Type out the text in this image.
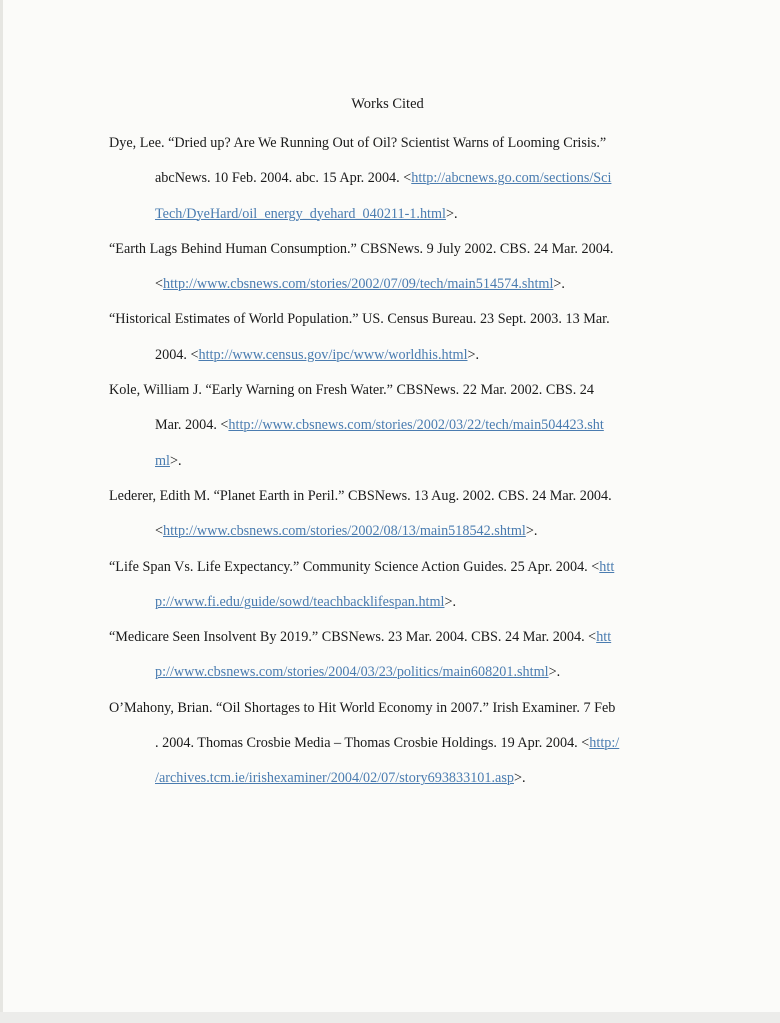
Works Cited
Dye, Lee. “Dried up? Are We Running Out of Oil? Scientist Warns of Looming Crisis.”
abcNews. 10 Feb. 2004. abc. 15 Apr. 2004. <http://abcnews.go.com/sections/Sci
Tech/DyeHard/oil_energy_dyehard_040211-1.html>.
“Earth Lags Behind Human Consumption.” CBSNews. 9 July 2002. CBS. 24 Mar. 2004.
<http://www.cbsnews.com/stories/2002/07/09/tech/main514574.shtml>.
“Historical Estimates of World Population.” US. Census Bureau. 23 Sept. 2003. 13 Mar.
2004. <http://www.census.gov/ipc/www/worldhis.html>.
Kole, William J. “Early Warning on Fresh Water.” CBSNews. 22 Mar. 2002. CBS. 24
Mar. 2004. <http://www.cbsnews.com/stories/2002/03/22/tech/main504423.sht
ml>.
Lederer, Edith M. “Planet Earth in Peril.” CBSNews. 13 Aug. 2002. CBS. 24 Mar. 2004.
<http://www.cbsnews.com/stories/2002/08/13/main518542.shtml>.
“Life Span Vs. Life Expectancy.” Community Science Action Guides. 25 Apr. 2004. <htt
p://www.fi.edu/guide/sowd/teachbacklifespan.html>.
“Medicare Seen Insolvent By 2019.” CBSNews. 23 Mar. 2004. CBS. 24 Mar. 2004. <htt
p://www.cbsnews.com/stories/2004/03/23/politics/main608201.shtml>.
O’Mahony, Brian. “Oil Shortages to Hit World Economy in 2007.” Irish Examiner. 7 Feb
. 2004. Thomas Crosbie Media – Thomas Crosbie Holdings. 19 Apr. 2004. <http:/
/archives.tcm.ie/irishexaminer/2004/02/07/story693833101.asp>.
